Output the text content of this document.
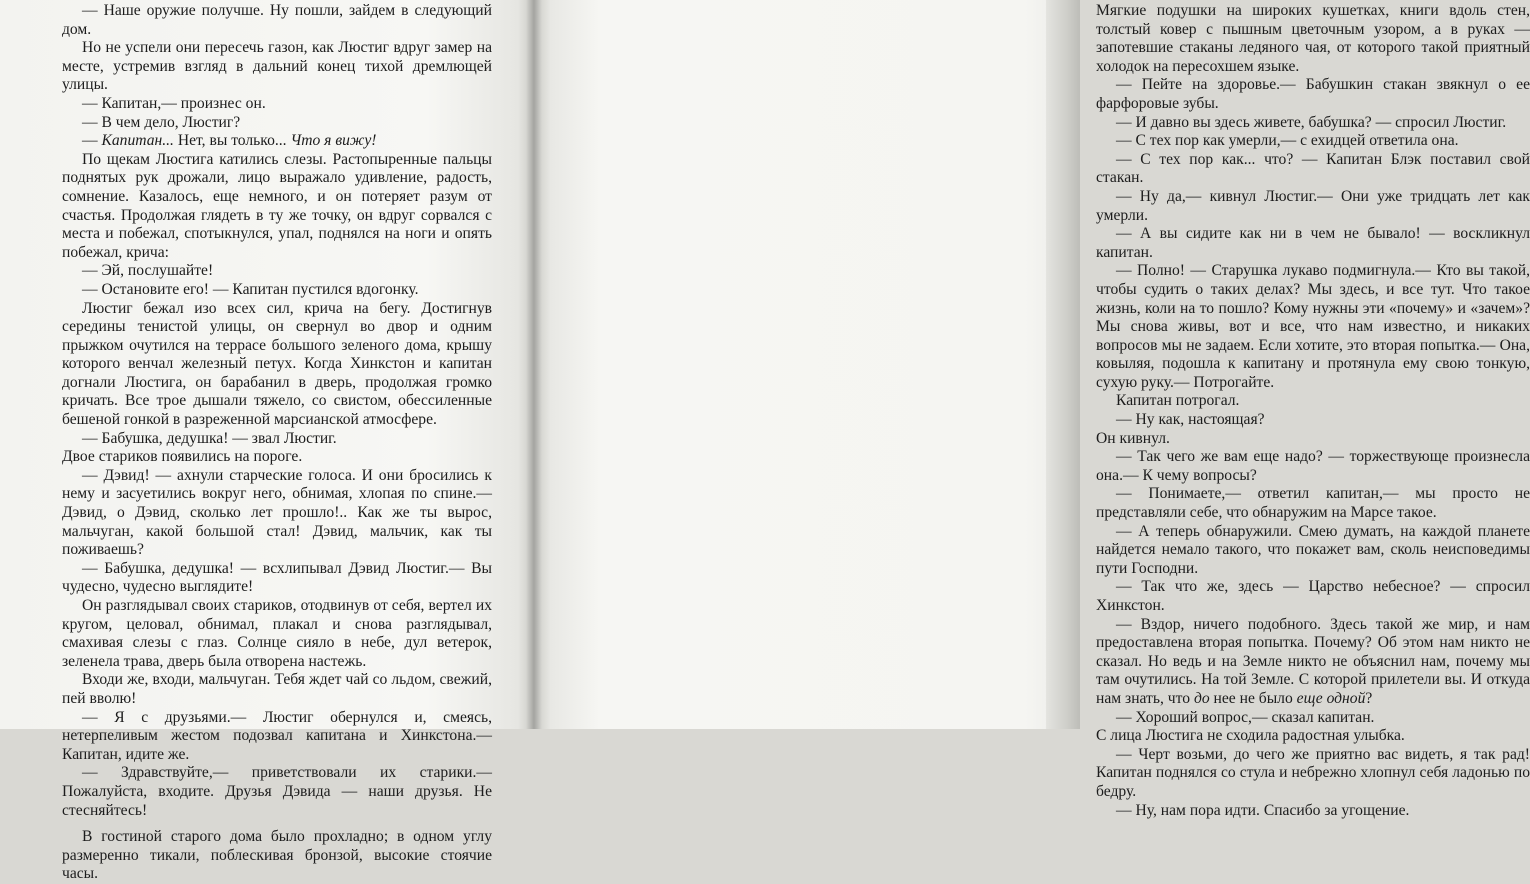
— Наше оружие получше. Ну пошли, зайдем в следующий дом.

Но не успели они пересечь газон, как Люстиг вдруг замер на месте, устремив взгляд в дальний конец тихой дремлющей улицы.

— Капитан,— произнес он.

— В чем дело, Люстиг?

— Капитан... Нет, вы только... Что я вижу!

По щекам Люстига катились слезы. Растопыренные пальцы поднятых рук дрожали, лицо выражало удивление, радость, сомнение. Казалось, еще немного, и он потеряет разум от счастья. Продолжая глядеть в ту же точку, он вдруг сорвался с места и побежал, спотыкнулся, упал, поднялся на ноги и опять побежал, крича:

— Эй, послушайте!

— Остановите его! — Капитан пустился вдогонку.

Люстиг бежал изо всех сил, крича на бегу. Достигнув середины тенистой улицы, он свернул во двор и одним прыжком очутился на террасе большого зеленого дома, крышу которого венчал железный петух. Когда Хинкстон и капитан догнали Люстига, он барабанил в дверь, продолжая громко кричать. Все трое дышали тяжело, со свистом, обессиленные бешеной гонкой в разреженной марсианской атмосфере.

— Бабушка, дедушка! — звал Люстиг.

Двое стариков появились на пороге.

— Дэвид! — ахнули старческие голоса. И они бросились к нему и засуетились вокруг него, обнимая, хлопая по спине.— Дэвид, о Дэвид, сколько лет прошло!.. Как же ты вырос, мальчуган, какой большой стал! Дэвид, мальчик, как ты поживаешь?

— Бабушка, дедушка! — всхлипывал Дэвид Люстиг.— Вы чудесно, чудесно выглядите!

Он разглядывал своих стариков, отодвинув от себя, вертел их кругом, целовал, обнимал, плакал и снова разглядывал, смахивая слезы с глаз. Солнце сияло в небе, дул ветерок, зеленела трава, дверь была отворена настежь.

Входи же, входи, мальчуган. Тебя ждет чай со льдом, свежий, пей вволю!

— Я с друзьями.— Люстиг обернулся и, смеясь, нетерпеливым жестом подозвал капитана и Хинкстона.— Капитан, идите же.

— Здравствуйте,— приветствовали их старики.— Пожалуйста, входите. Друзья Дэвида — наши друзья. Не стесняйтесь!

В гостиной старого дома было прохладно; в одном углу размеренно тикали, поблескивая бронзой, высокие стоячие часы.

Мягкие подушки на широких кушетках, книги вдоль стен, толстый ковер с пышным цветочным узором, а в руках — запотевшие стаканы ледяного чая, от которого такой приятный холодок на пересохшем языке.

— Пейте на здоровье.— Бабушкин стакан звякнул о ее фарфоровые зубы.

— И давно вы здесь живете, бабушка? — спросил Люстиг.

— С тех пор как умерли,— с ехидцей ответила она.

— С тех пор как... что? — Капитан Блэк поставил свой стакан.

— Ну да,— кивнул Люстиг.— Они уже тридцать лет как умерли.

— А вы сидите как ни в чем не бывало! — воскликнул капитан.

— Полно! — Старушка лукаво подмигнула.— Кто вы такой, чтобы судить о таких делах? Мы здесь, и все тут. Что такое жизнь, коли на то пошло? Кому нужны эти «почему» и «зачем»? Мы снова живы, вот и все, что нам известно, и никаких вопросов мы не задаем. Если хотите, это вторая попытка.— Она, ковыляя, подошла к капитану и протянула ему свою тонкую, сухую руку.— Потрогайте.

Капитан потрогал.

— Ну как, настоящая?

Он кивнул.

— Так чего же вам еще надо? — торжествующе произнесла она.— К чему вопросы?

— Понимаете,— ответил капитан,— мы просто не представляли себе, что обнаружим на Марсе такое.

— А теперь обнаружили. Смею думать, на каждой планете найдется немало такого, что покажет вам, сколь неисповедимы пути Господни.

— Так что же, здесь — Царство небесное? — спросил Хинкстон.

— Вздор, ничего подобного. Здесь такой же мир, и нам предоставлена вторая попытка. Почему? Об этом нам никто не сказал. Но ведь и на Земле никто не объяснил нам, почему мы там очутились. На той Земле. С которой прилетели вы. И откуда нам знать, что до нее не было еще одной?

— Хороший вопрос,— сказал капитан.

С лица Люстига не сходила радостная улыбка.

— Черт возьми, до чего же приятно вас видеть, я так рад! Капитан поднялся со стула и небрежно хлопнул себя ладонью по бедру.

— Ну, нам пора идти. Спасибо за угощение.
